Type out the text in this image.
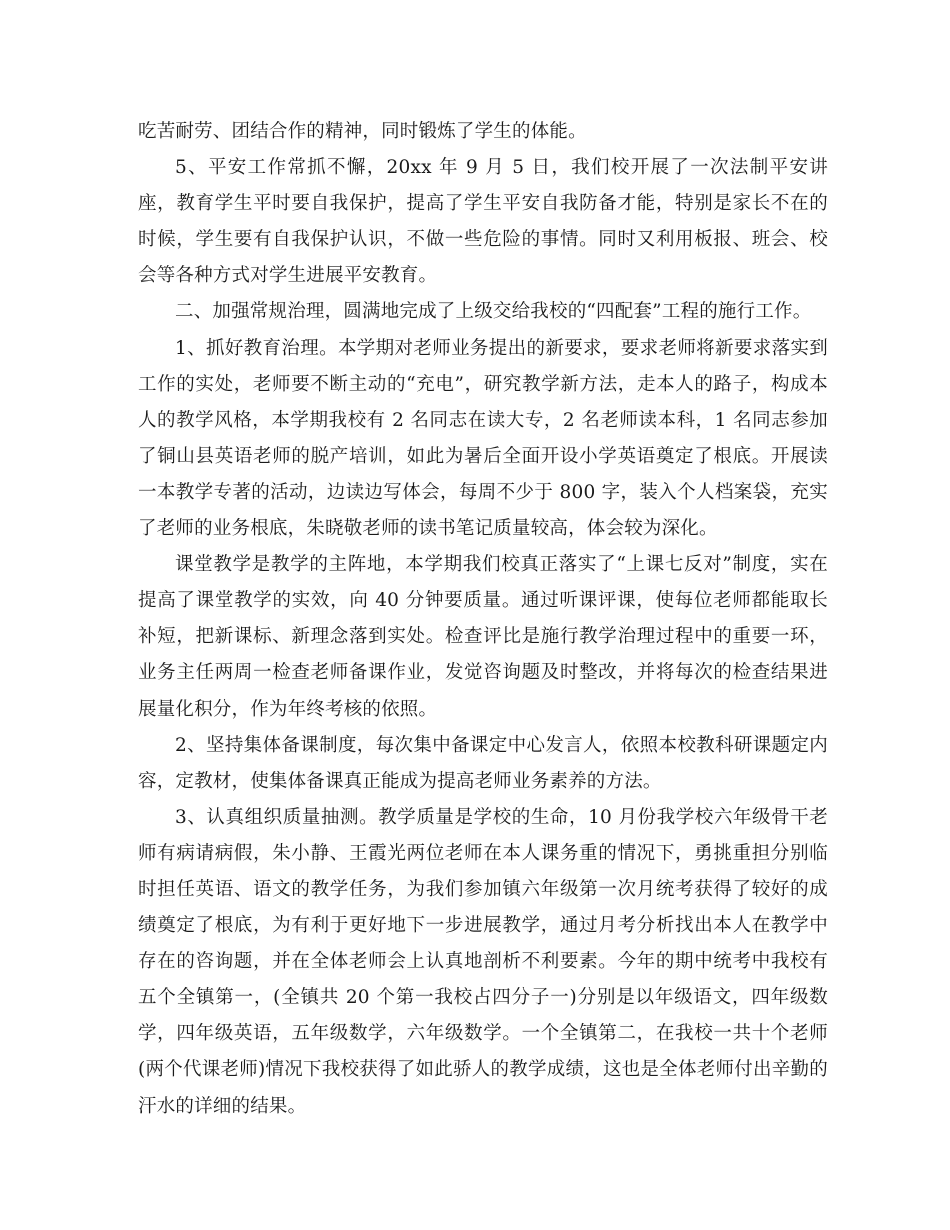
吃苦耐劳、团结合作的精神，同时锻炼了学生的体能。

5、平安工作常抓不懈，20xx 年 9 月 5 日，我们校开展了一次法制平安讲座，教育学生平时要自我保护，提高了学生平安自我防备才能，特别是家长不在的时候，学生要有自我保护认识，不做一些危险的事情。同时又利用板报、班会、校会等各种方式对学生进展平安教育。

二、加强常规治理，圆满地完成了上级交给我校的“四配套”工程的施行工作。

1、抓好教育治理。本学期对老师业务提出的新要求，要求老师将新要求落实到工作的实处，老师要不断主动的“充电”，研究教学新方法，走本人的路子，构成本人的教学风格，本学期我校有 2 名同志在读大专，2 名老师读本科，1 名同志参加了铜山县英语老师的脱产培训，如此为暑后全面开设小学英语奠定了根底。开展读一本教学专著的活动，边读边写体会，每周不少于 800 字，装入个人档案袋，充实了老师的业务根底，朱晓敬老师的读书笔记质量较高，体会较为深化。

课堂教学是教学的主阵地，本学期我们校真正落实了“上课七反对”制度，实在提高了课堂教学的实效，向 40 分钟要质量。通过听课评课，使每位老师都能取长补短，把新课标、新理念落到实处。检查评比是施行教学治理过程中的重要一环，业务主任两周一检查老师备课作业，发觉咨询题及时整改，并将每次的检查结果进展量化积分，作为年终考核的依照。

2、坚持集体备课制度，每次集中备课定中心发言人，依照本校教科研课题定内容，定教材，使集体备课真正能成为提高老师业务素养的方法。

3、认真组织质量抽测。教学质量是学校的生命，10 月份我学校六年级骨干老师有病请病假，朱小静、王霞光两位老师在本人课务重的情况下，勇挑重担分别临时担任英语、语文的教学任务，为我们参加镇六年级第一次月统考获得了较好的成绩奠定了根底，为有利于更好地下一步进展教学，通过月考分析找出本人在教学中存在的咨询题，并在全体老师会上认真地剖析不利要素。今年的期中统考中我校有五个全镇第一，(全镇共 20 个第一我校占四分子一)分别是以年级语文，四年级数学，四年级英语，五年级数学，六年级数学。一个全镇第二，在我校一共十个老师(两个代课老师)情况下我校获得了如此骄人的教学成绩，这也是全体老师付出辛勤的汗水的详细的结果。
